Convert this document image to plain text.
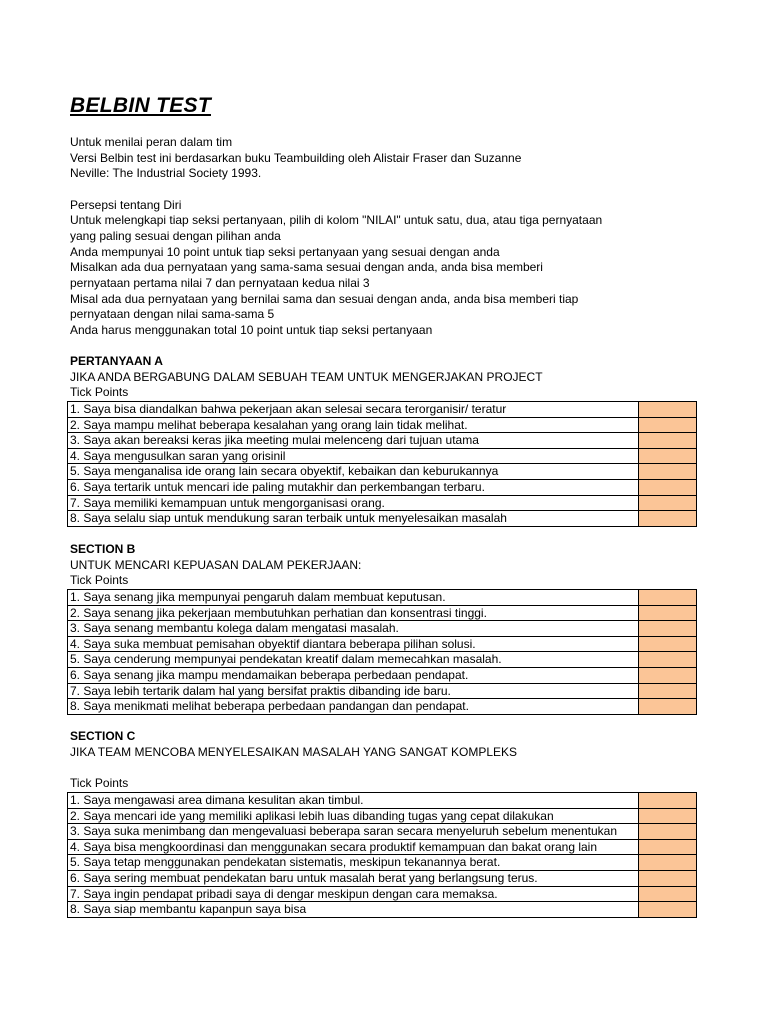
BELBIN TEST
Untuk menilai peran dalam tim
Versi Belbin test ini berdasarkan buku Teambuilding oleh Alistair Fraser dan Suzanne
Neville: The Industrial Society 1993.
Persepsi tentang Diri
Untuk melengkapi tiap seksi pertanyaan, pilih di kolom "NILAI" untuk satu, dua, atau tiga pernyataan
yang paling sesuai dengan pilihan anda
Anda mempunyai 10 point untuk tiap seksi pertanyaan yang sesuai dengan anda
Misalkan ada dua pernyataan yang sama-sama sesuai dengan anda, anda bisa memberi
pernyataan pertama nilai 7 dan pernyataan kedua nilai 3
Misal ada dua pernyataan yang bernilai sama dan sesuai dengan anda, anda bisa memberi tiap
pernyataan dengan nilai sama-sama 5
Anda harus menggunakan total 10 point untuk tiap seksi pertanyaan
PERTANYAAN A
JIKA ANDA BERGABUNG DALAM SEBUAH TEAM UNTUK MENGERJAKAN PROJECT
Tick Points
1. Saya bisa diandalkan bahwa pekerjaan akan selesai secara terorganisir/ teratur	
2. Saya mampu melihat beberapa kesalahan yang orang lain tidak melihat.	
3. Saya akan bereaksi keras jika meeting mulai melenceng dari tujuan utama	
4. Saya mengusulkan saran yang orisinil	
5. Saya menganalisa ide orang lain secara obyektif, kebaikan dan keburukannya	
6. Saya tertarik untuk mencari ide paling mutakhir dan perkembangan terbaru.	
7. Saya memiliki kemampuan untuk mengorganisasi orang.	
8. Saya selalu siap untuk mendukung saran terbaik untuk menyelesaikan masalah	
SECTION B
UNTUK MENCARI KEPUASAN DALAM PEKERJAAN:
Tick Points
1. Saya senang jika mempunyai pengaruh dalam membuat keputusan.	
2. Saya senang jika pekerjaan membutuhkan perhatian dan konsentrasi tinggi.	
3. Saya senang membantu kolega dalam mengatasi masalah.	
4. Saya suka membuat pemisahan obyektif diantara beberapa pilihan solusi.	
5. Saya cenderung mempunyai pendekatan kreatif dalam memecahkan masalah.	
6. Saya senang jika mampu mendamaikan beberapa perbedaan pendapat.	
7. Saya lebih tertarik dalam hal yang bersifat praktis dibanding ide baru.	
8. Saya menikmati melihat beberapa perbedaan pandangan dan pendapat.	
SECTION C
JIKA TEAM MENCOBA MENYELESAIKAN MASALAH YANG SANGAT KOMPLEKS
Tick Points
1. Saya mengawasi area dimana kesulitan akan timbul.	
2. Saya mencari ide yang memiliki aplikasi lebih luas dibanding tugas yang cepat dilakukan	
3. Saya suka menimbang dan mengevaluasi beberapa saran secara menyeluruh sebelum menentukan	
4. Saya bisa mengkoordinasi dan menggunakan secara produktif kemampuan dan bakat orang lain	
5. Saya tetap menggunakan pendekatan sistematis, meskipun tekanannya berat.	
6. Saya sering membuat pendekatan baru untuk masalah berat yang berlangsung terus.	
7. Saya ingin pendapat pribadi saya di dengar meskipun dengan cara memaksa.	
8. Saya siap membantu kapanpun saya bisa	
